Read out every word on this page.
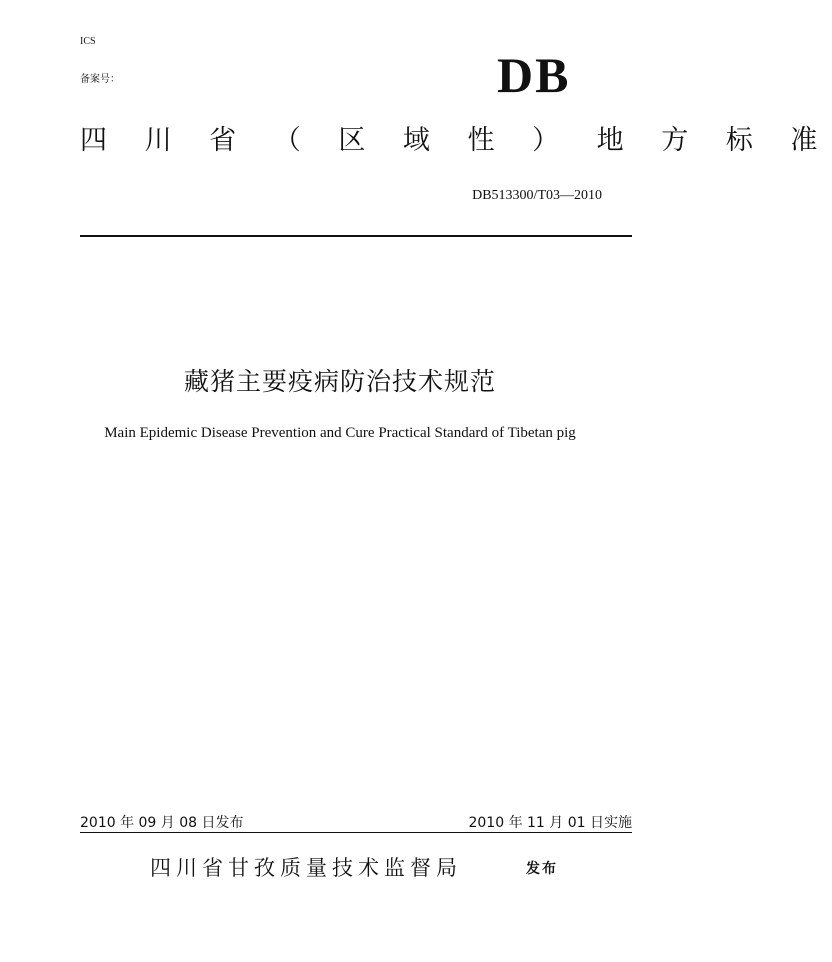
ICS
备案号：	DB
四 川 省 （ 区 域 性 ） 地 方 标 准
DB513300/T03—2010
藏猪主要疫病防治技术规范
Main Epidemic Disease Prevention and Cure Practical Standard of Tibetan pig
2010 年 09 月 08 日发布	2010 年 11 月 01 日实施
四川省甘孜质量技术监督局	发布
